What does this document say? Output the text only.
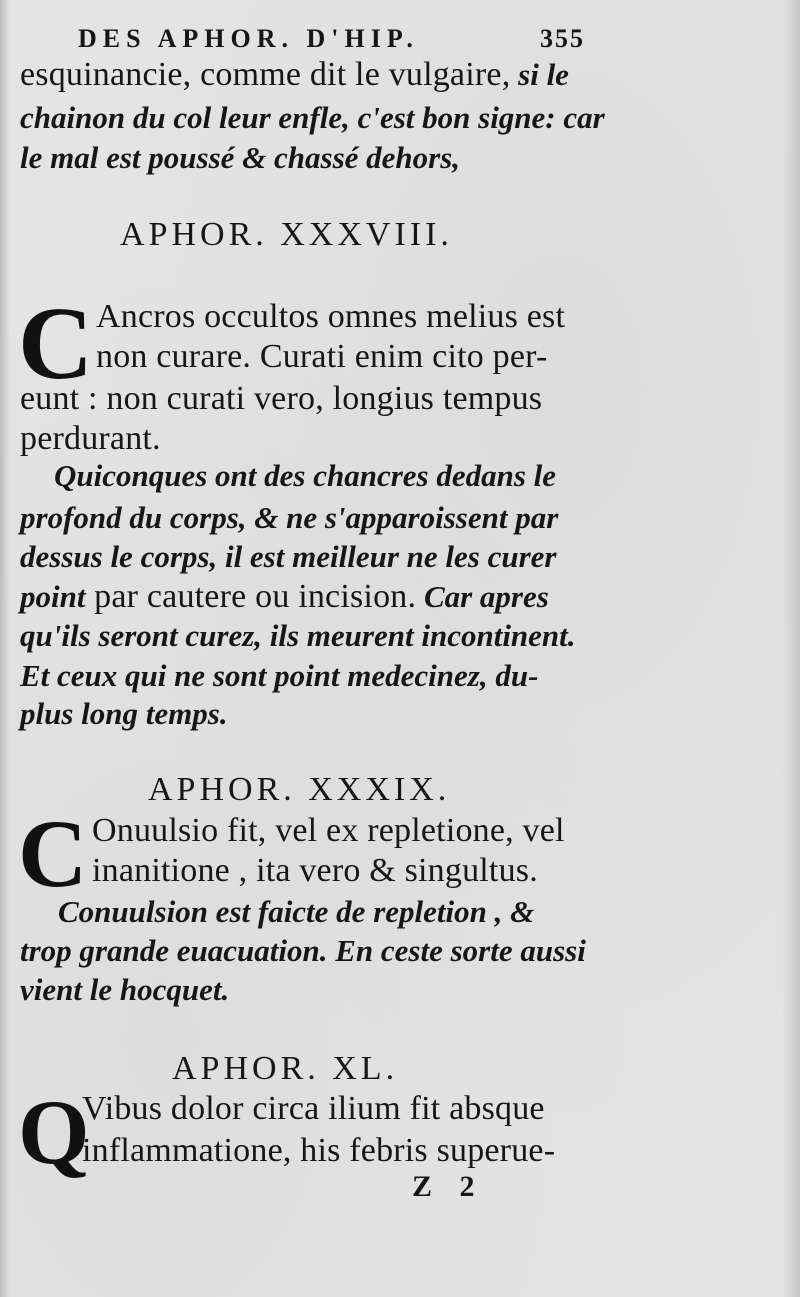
DES APHOR. D'HIP.	355
esquinancie, comme dit le vulgaire, si le
chainon du col leur enfle, c'est bon signe: car
le mal est poussé & chassé dehors,
APHOR. XXXVIII.
C Ancros occultos omnes melius est
non curare. Curati enim cito per-
eunt : non curati vero, longius tempus
perdurant.
Quiconques ont des chancres dedans le
profond du corps, & ne s'apparoissent par
dessus le corps, il est meilleur ne les curer
point par cautere ou incision. Car apres
qu'ils seront curez, ils meurent incontinent.
Et ceux qui ne sont point medecinez, du-
plus long temps.
APHOR. XXXIX.
C Onuulsio fit, vel ex repletione, vel
inanitione , ita vero & singultus.
Conuulsion est faicte de repletion , &
trop grande euacuation. En ceste sorte aussi
vient le hocquet.
APHOR. XL.
Q
Vibus dolor circa ilium fit absque
inflammatione, his febris superue-
Z 2
